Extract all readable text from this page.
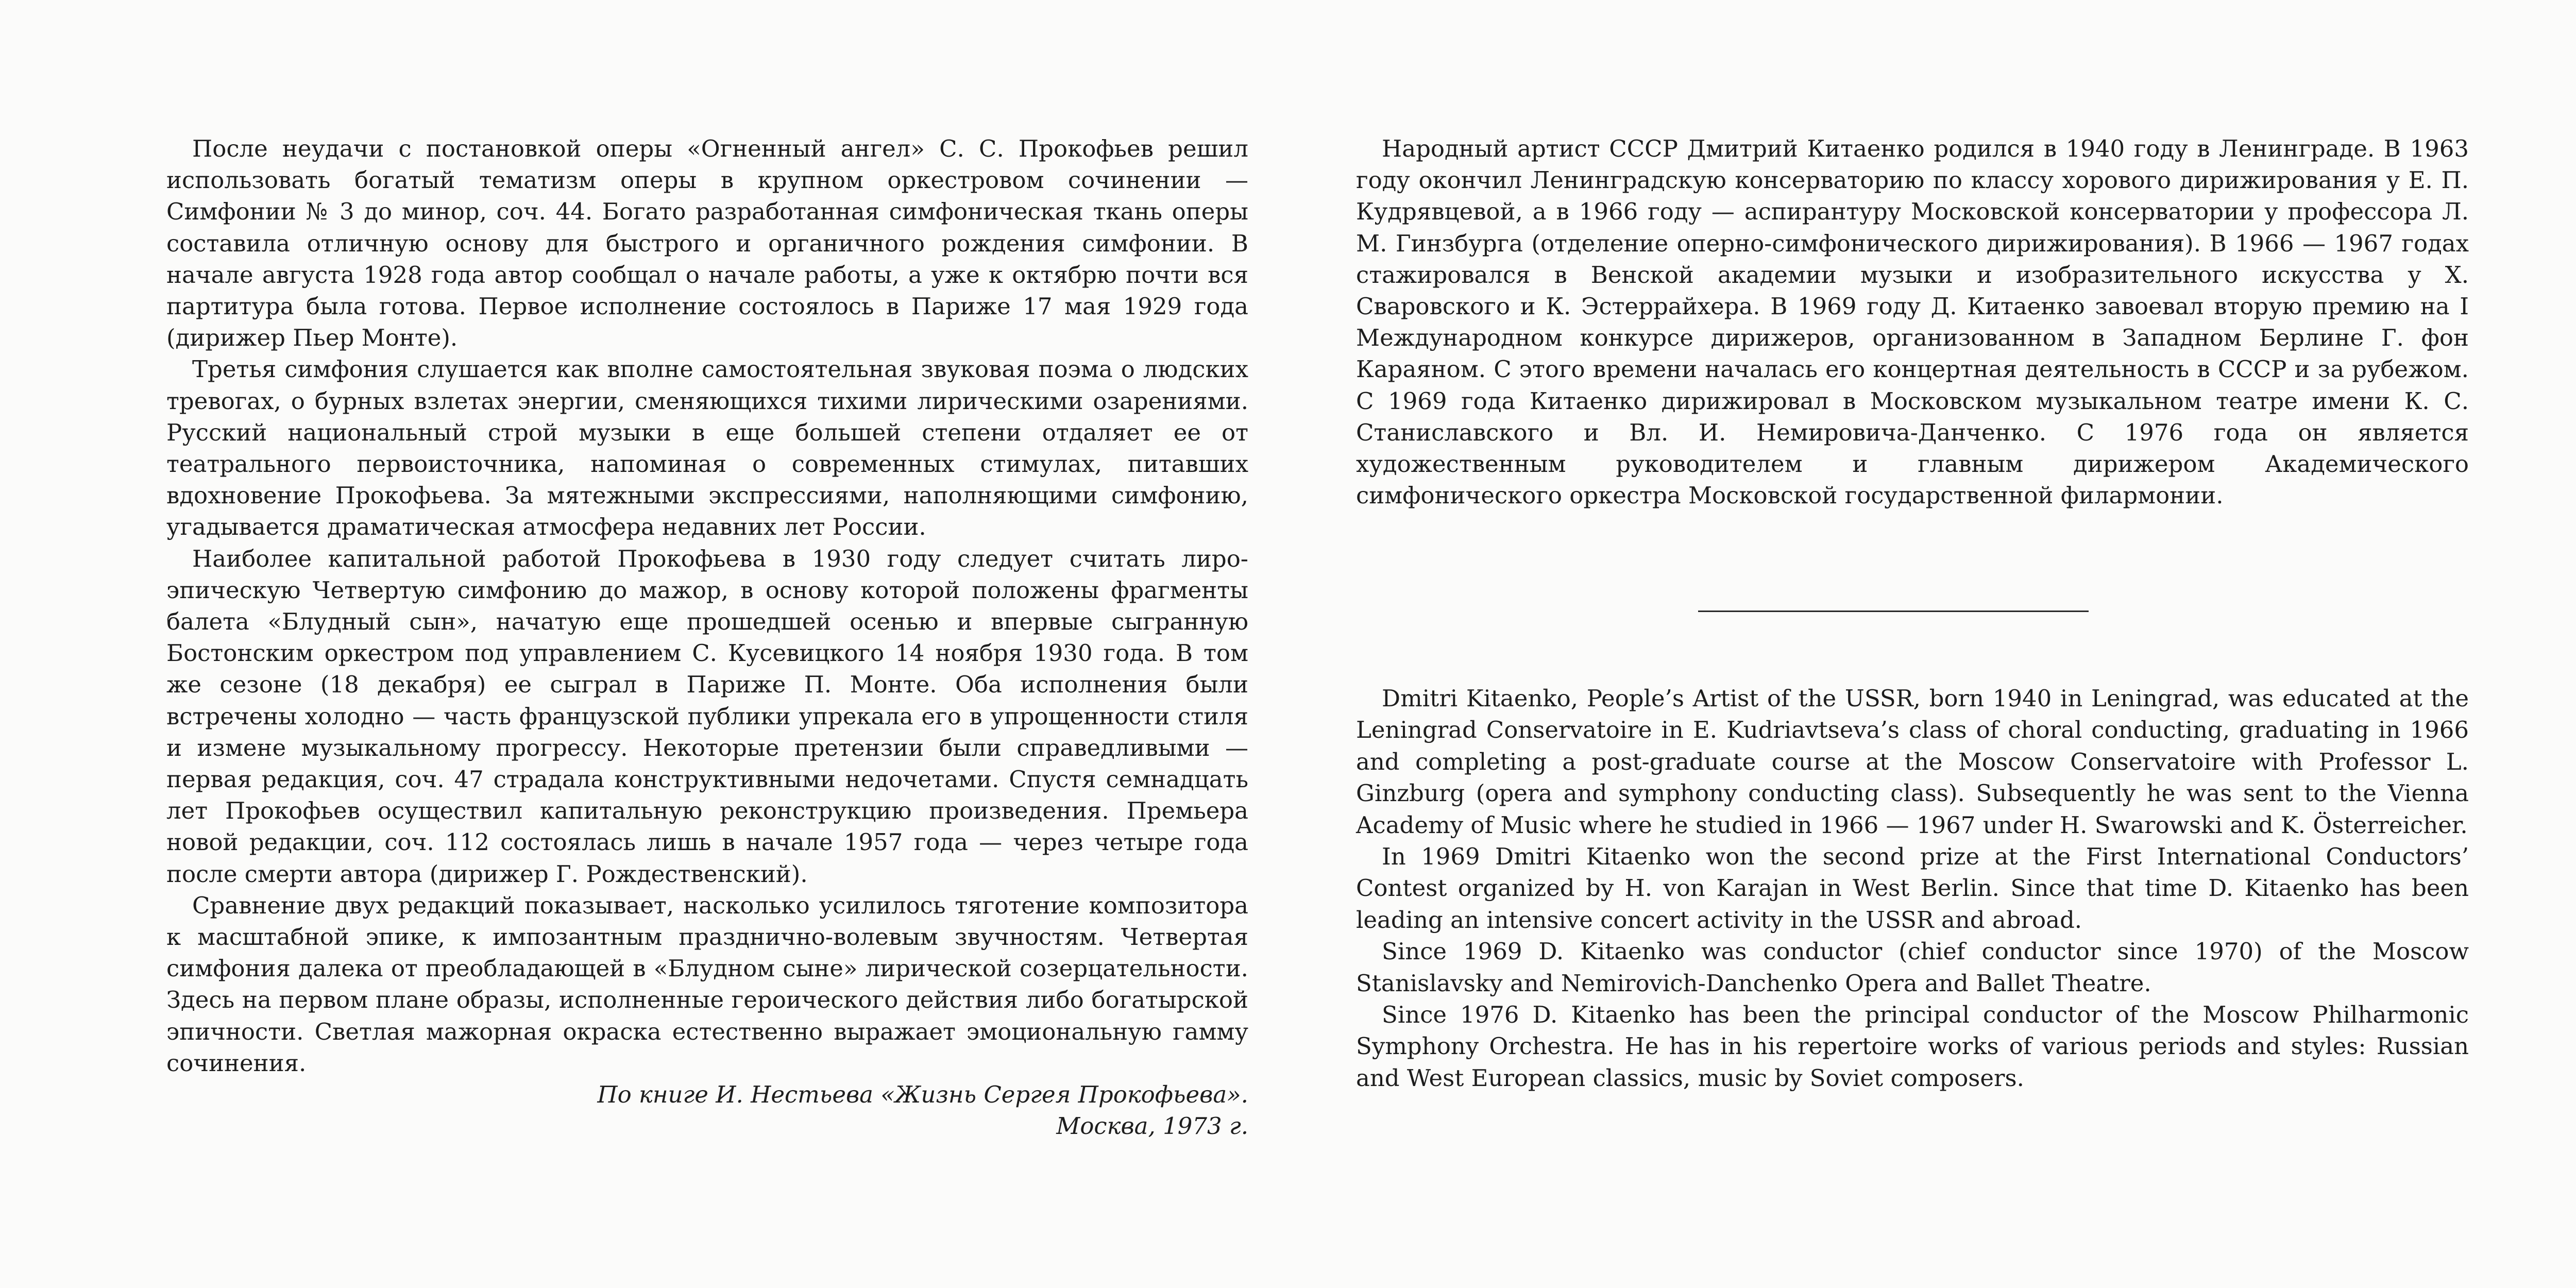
После неудачи с постановкой оперы «Огненный ангел» С. С. Прокофьев решил использовать богатый тематизм оперы в крупном оркестровом сочинении — Симфонии № 3 до минор, соч. 44. Богато разработанная симфоническая ткань оперы составила отличную основу для быстрого и органичного рождения симфонии. В начале августа 1928 года автор сообщал о начале работы, а уже к октябрю почти вся партитура была готова. Первое исполнение состоялось в Париже 17 мая 1929 года (дирижер Пьер Монте).

Третья симфония слушается как вполне самостоятельная звуковая поэма о людских тревогах, о бурных взлетах энергии, сменяющихся тихими лирическими озарениями. Русский национальный строй музыки в еще большей степени отдаляет ее от театрального первоисточника, напоминая о современных стимулах, питавших вдохновение Прокофьева. За мятежными экспрессиями, наполняющими симфонию, угадывается драматическая атмосфера недавних лет России.

Наиболее капитальной работой Прокофьева в 1930 году следует считать лиро-эпическую Четвертую симфонию до мажор, в основу которой положены фрагменты балета «Блудный сын», начатую еще прошедшей осенью и впервые сыгранную Бостонским оркестром под управлением С. Кусевицкого 14 ноября 1930 года. В том же сезоне (18 декабря) ее сыграл в Париже П. Монте. Оба исполнения были встречены холодно — часть французской публики упрекала его в упрощенности стиля и измене музыкальному прогрессу. Некоторые претензии были справедливыми — первая редакция, соч. 47 страдала конструктивными недочетами. Спустя семнадцать лет Прокофьев осуществил капитальную реконструкцию произведения. Премьера новой редакции, соч. 112 состоялась лишь в начале 1957 года — через четыре года после смерти автора (дирижер Г. Рождественский).

Сравнение двух редакций показывает, насколько усилилось тяготение композитора к масштабной эпике, к импозантным празднично-волевым звучностям. Четвертая симфония далека от преобладающей в «Блудном сыне» лирической созерцательности. Здесь на первом плане образы, исполненные героического действия либо богатырской эпичности. Светлая мажорная окраска естественно выражает эмоциональную гамму сочинения.

По книге И. Нестьева «Жизнь Сергея Прокофьева».

Москва, 1973 г.

Народный артист СССР Дмитрий Китаенко родился в 1940 году в Ленинграде. В 1963 году окончил Ленинградскую консерваторию по классу хорового дирижирования у Е. П. Кудрявцевой, а в 1966 году — аспирантуру Московской консерватории у профессора Л. М. Гинзбурга (отделение оперно-симфонического дирижирования). В 1966 — 1967 годах стажировался в Венской академии музыки и изобразительного искусства у Х. Сваровского и К. Эстеррайхера. В 1969 году Д. Китаенко завоевал вторую премию на I Международном конкурсе дирижеров, организованном в Западном Берлине Г. фон Караяном. С этого времени началась его концертная деятельность в СССР и за рубежом. С 1969 года Китаенко дирижировал в Московском музыкальном театре имени К. С. Станиславского и Вл. И. Немировича-Данченко. С 1976 года он является художественным руководителем и главным дирижером Академического симфонического оркестра Московской государственной филармонии.

Dmitri Kitaenko, People’s Artist of the USSR, born 1940 in Leningrad, was educated at the Leningrad Conservatoire in E. Kudriavtseva’s class of choral conducting, graduating in 1966 and completing a post-graduate course at the Moscow Conservatoire with Professor L. Ginzburg (opera and symphony conducting class). Subsequently he was sent to the Vienna Academy of Music where he studied in 1966 — 1967 under H. Swarowski and K. Österreicher.

In 1969 Dmitri Kitaenko won the second prize at the First International Conductors’ Contest organized by H. von Karajan in West Berlin. Since that time D. Kitaenko has been leading an intensive concert activity in the USSR and abroad.

Since 1969 D. Kitaenko was conductor (chief conductor since 1970) of the Moscow Stanislavsky and Nemirovich-Danchenko Opera and Ballet Theatre.

Since 1976 D. Kitaenko has been the principal conductor of the Moscow Philharmonic Symphony Orchestra. He has in his repertoire works of various periods and styles: Russian and West European classics, music by Soviet composers.
